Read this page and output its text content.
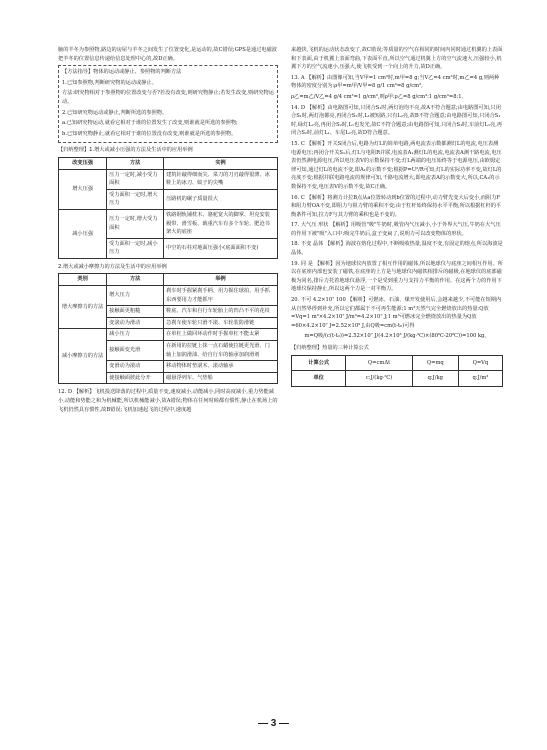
腋的羊冬为参照物,路边的房屋与羊冬之间发生了位置变化,是运动的,故C错误;GPS是通过电磁波把羊冬的位置信息传递给信息处理中心的,故D正确。

【方法指导】物体的运动或静止、参照物的判断方法

1.已知参照物,判断研究物的运动或静止。

方法:研究物相对于参照物的位置改变与否?若没有改变,则研究物静止;若发生改变,则研究物运动。

2.已知研究物运动或静止,判断所选的参照物。

a.已知研究物运动,就看它相对于谁的位置发生了改变,则谁就是所选的参照物;

b.已知研究物静止,就看它相对于谁的位置没有改变,则谁就是所选的参照物。

【归纳整理】1.增大或减小压强的方法及生活中的应用举例

改变压强	方法	实例
增大压强	压力一定时,减小受力面积	建筑针敲得细而尖、菜刀的刀刃敲得很薄、冰鞋上的冰刀、蚊子的尖嘴
	受力面积一定时,增大压力	压路机的碾子质量很大
减小压强	压力一定时,增大受力面积	铁路钢轨铺枕木、骆驼宽大的脚掌、坦克安装履带、滑雪板、载重汽车有多个车轮、肥沧书架大的底座
	受力面积一定时,减小压力	中空的石柱对地面压强小(底面面积不变)

2.增大或减小摩擦力的方法及生活中的应用举例

类别	方法	举例
增大摩擦力的方法	增大压力	刹车时手握紧刹手柄、用力握住球拍、用手抓东西要用力才能抓牢
	接触面更粗糙	鞋底、汽车和自行车轮胎上的凹凸不平的花纹
	变滚动为滑动	急刹车使车轮只滑不滚、车轮装防滑链
减小摩擦力的方法	减小压力	在单杠上做回环动作时手握单杠不能太紧
	接触面变光滑	在新用的拉链上抹一点石蜡使拉链更光滑、门轴上加润滑油、给自行车的轴承加润滑剂
	变滑动为滚动	移动物体时垫滚木、滚动轴承
	使接触面彼此分开	磁悬浮列车、气垫船

12. D 【解析】飞机投送降落的过程中,质量不变,速度减小,动能减小,同时高度减小,重力势能减小,动能和势能之和为机械能,所以机械能减小,故A错误;物体在任何时候都有惯性,静止在机场上的飞机仍然具有惯性,故B错误;飞机加速起飞的过程中,速度越

来越快,飞机的运动状态改变了,故C错误;等质量的空气在相同的时间内同时通过机翼的上表面和下表面,由于机翼上表面弯曲,下表面平直,所以空气通过机翼上方的空气流速大,压强较小,机翼下方的空气流速小,压强大,使飞机受到一个向上的升力,故D正确。

13. A 【解析】由图像可知,当V甲=1 cm³时,m甲=8 g;当V乙=4 cm³时,m乙=4 g,则两种物体的密度分别为:ρ甲=m甲/V甲=8 g/1 cm³=8 g/cm³,

ρ乙=m乙/V乙=4 g/4 cm³=1 g/cm³,则ρ甲:ρ乙=8 g/cm³:1 g/cm³=8:1。

14. D 【解析】由电路图可知,只闭合S₁时,两灯泡均不亮,故A不符合题意;由电路图可知,只闭合S₁时,两灯泡都亮,再闭合S₂时,L₁被短路,只有L₂亮,故B不符合题意;由电路图可知,只闭合S₁时,绿灯L₂亮,再闭合S₂时,L₁也发光,故C不符合题意;由电路图可知,只闭合S₁时,车前灯L₁亮,再闭合S₂时,前灯L₁、车尾L₂亮,故D符合题意。

15. C 【解析】开关S闭合后,电路为灯L的简单电路,两电流表示数都测灯L的电流,电压表测电源电压;再闭合开关S₁后,灯L与电阻R并联,电流表A₁测灯L的电流,电流表A测干路电流,电压表仍然测电源电压,所以电压表V的示数保持不变;灯L两端的电压始终等于电源电压,由欧姆定律可知,通过灯L的电流不变,即A₁的示数不变;根据P=U²/R可知,灯L的实际功率不变,故灯L的亮度不变;根据并联电路电流的规律可知,干路电流增大,即电流表A的示数变大,所以,CA₁的示数保持不变,电压表V的示数不变,故C正确。

16. C 【解析】将测力计拉B点从a位置转动到b位置的过程中,动力臂先变大后变小,而阻力F和阻力臂OA不变,即阻力与阻力臂的乘积不变;由于杠杆始终保持水平平衡,所以根据杠杆的平衡条件可知,拉力F与其力臂的乘积也是不变的。

17. 大气压 形状 【解析】用吸管"吸"牛奶时,吸管内气压减小,小于外界大气压,牛奶在大气压的作用下被"吸"入口中;吸完牛奶后,盒子变扁了,说明力可以改变物体的形状。

18. 不变 晶体 【解析】海波在熔化过程中,不断吸收热量,温度不变,有固定的熔点,所以海波是晶体。

19. 同 是 【解析】因为地球仪内放置了相互作用的磁体,所以地球仪与底座之间相互作用。所以在底座内部也安装了磁铁,在底座的上方是与地球仪内磁铁相排斥的磁极,在地球仪的底部磁极为同名,排斥力托着地球仪悬浮,一个是受到重力与支持力平衡的作用。在这两个力的作用下地球仪保持静止,所以这两个力是一对平衡力。

20. 不可 4.2×10⁷ 100 【解析】可燃冰、石油、煤开发使用后,会越来越少,不可能在短期内从自然界得到补充,所以它们都属于不可再生能源;1 m³天然气完全燃烧放出的热量:Q放=Vq=1 m³×4.2×10⁷ J/m³=4.2×10⁷ J;1 m³可燃冰完全燃烧放出的热量为Q放=60×4.2×10⁷ J=2.52×10⁹ J,由Q吸=cm(t-t₀)可得

m=Q吸/(c(t-t₀))=2.52×10⁷ J/(4.2×10³ J/(kg·℃)×(80℃-20℃))=100 kg。

【归纳整理】热量的三种计算公式

计算公式	Q=cmΔt	Q=mq	Q=Vq
单位	c:J/(kg·℃)	q:J/kg	q:J/m³
— 3 —
